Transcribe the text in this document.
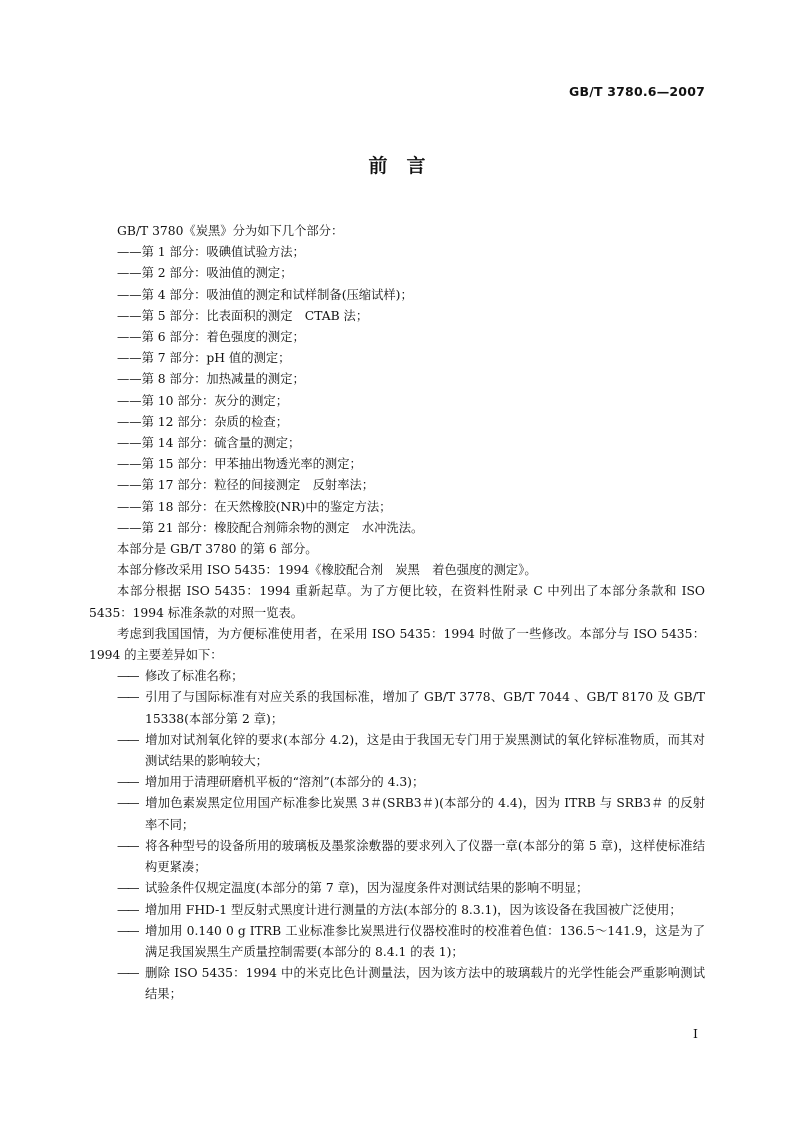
GB/T 3780.6—2007
前　言
GB/T 3780《炭黑》分为如下几个部分：
——第 1 部分：吸碘值试验方法；
——第 2 部分：吸油值的测定；
——第 4 部分：吸油值的测定和试样制备(压缩试样)；
——第 5 部分：比表面积的测定　CTAB 法；
——第 6 部分：着色强度的测定；
——第 7 部分：pH 值的测定；
——第 8 部分：加热减量的测定；
——第 10 部分：灰分的测定；
——第 12 部分：杂质的检查；
——第 14 部分：硫含量的测定；
——第 15 部分：甲苯抽出物透光率的测定；
——第 17 部分：粒径的间接测定　反射率法；
——第 18 部分：在天然橡胶(NR)中的鉴定方法；
——第 21 部分：橡胶配合剂筛余物的测定　水冲洗法。
本部分是 GB/T 3780 的第 6 部分。
本部分修改采用 ISO 5435：1994《橡胶配合剂　炭黑　着色强度的测定》。
本部分根据 ISO 5435：1994 重新起草。为了方便比较，在资料性附录 C 中列出了本部分条款和 ISO 5435：1994 标准条款的对照一览表。
考虑到我国国情，为方便标准使用者，在采用 ISO 5435：1994 时做了一些修改。本部分与 ISO 5435：1994 的主要差异如下：
—— 修改了标准名称；
—— 引用了与国际标准有对应关系的我国标准，增加了 GB/T 3778、GB/T 7044 、GB/T 8170 及 GB/T 15338(本部分第 2 章)；
—— 增加对试剂氧化锌的要求(本部分 4.2)，这是由于我国无专门用于炭黑测试的氧化锌标准物质，而其对测试结果的影响较大；
—— 增加用于清理研磨机平板的“溶剂”(本部分的 4.3)；
—— 增加色素炭黑定位用国产标准参比炭黑 3＃(SRB3＃)(本部分的 4.4)，因为 ITRB 与 SRB3＃ 的反射率不同；
—— 将各种型号的设备所用的玻璃板及墨浆涂敷器的要求列入了仪器一章(本部分的第 5 章)，这样使标准结构更紧凑；
—— 试验条件仅规定温度(本部分的第 7 章)，因为湿度条件对测试结果的影响不明显；
—— 增加用 FHD-1 型反射式黑度计进行测量的方法(本部分的 8.3.1)，因为该设备在我国被广泛使用；
—— 增加用 0.140 0 g ITRB 工业标准参比炭黑进行仪器校准时的校准着色值：136.5～141.9，这是为了满足我国炭黑生产质量控制需要(本部分的 8.4.1 的表 1)；
—— 删除 ISO 5435：1994 中的米克比色计测量法，因为该方法中的玻璃载片的光学性能会严重影响测试结果；
I
